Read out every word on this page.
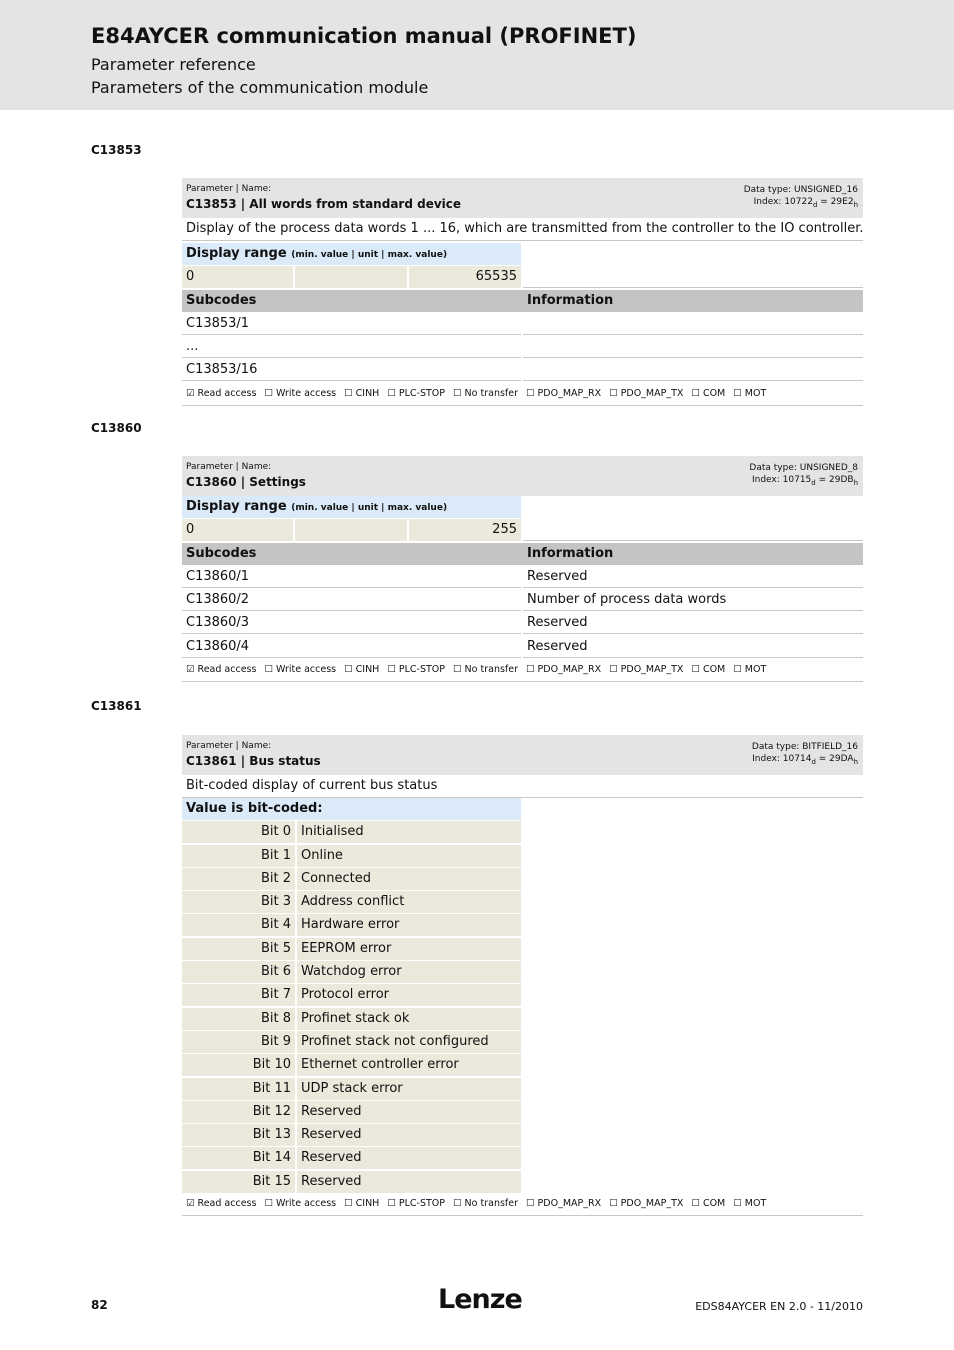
E84AYCER communication manual (PROFINET)
Parameter reference
Parameters of the communication module
C13853
Parameter | Name:
C13853 | All words from standard device
Data type: UNSIGNED_16
Index: $10722_d = 29E2_h$
Display of the process data words 1 ... 16, which are transmitted from the controller to the IO controller.
Display range (min. value | unit | max. value)
0	65535
Subcodes	Information
C13853/1
...
C13853/16
☑ Read access ☐ Write access ☐ CINH ☐ PLC-STOP ☐ No transfer ☐ PDO_MAP_RX ☐ PDO_MAP_TX ☐ COM ☐ MOT
C13860
Parameter | Name:
C13860 | Settings
Data type: UNSIGNED_8
Index: $10715_d = 29DB_h$
Display range (min. value | unit | max. value)
0	255
Subcodes	Information
C13860/1	Reserved
C13860/2	Number of process data words
C13860/3	Reserved
C13860/4	Reserved
☑ Read access ☐ Write access ☐ CINH ☐ PLC-STOP ☐ No transfer ☐ PDO_MAP_RX ☐ PDO_MAP_TX ☐ COM ☐ MOT
C13861
Parameter | Name:
C13861 | Bus status
Data type: BITFIELD_16
Index: $10714_d = 29DA_h$
Bit-coded display of current bus status
Value is bit-coded:
Bit 0 Initialised
Bit 1 Online
Bit 2 Connected
Bit 3 Address conflict
Bit 4 Hardware error
Bit 5 EEPROM error
Bit 6 Watchdog error
Bit 7 Protocol error
Bit 8 Profinet stack ok
Bit 9 Profinet stack not configured
Bit 10 Ethernet controller error
Bit 11 UDP stack error
Bit 12 Reserved
Bit 13 Reserved
Bit 14 Reserved
Bit 15 Reserved
☑ Read access ☐ Write access ☐ CINH ☐ PLC-STOP ☐ No transfer ☐ PDO_MAP_RX ☐ PDO_MAP_TX ☐ COM ☐ MOT
82	Lenze	EDS84AYCER EN 2.0 - 11/2010
